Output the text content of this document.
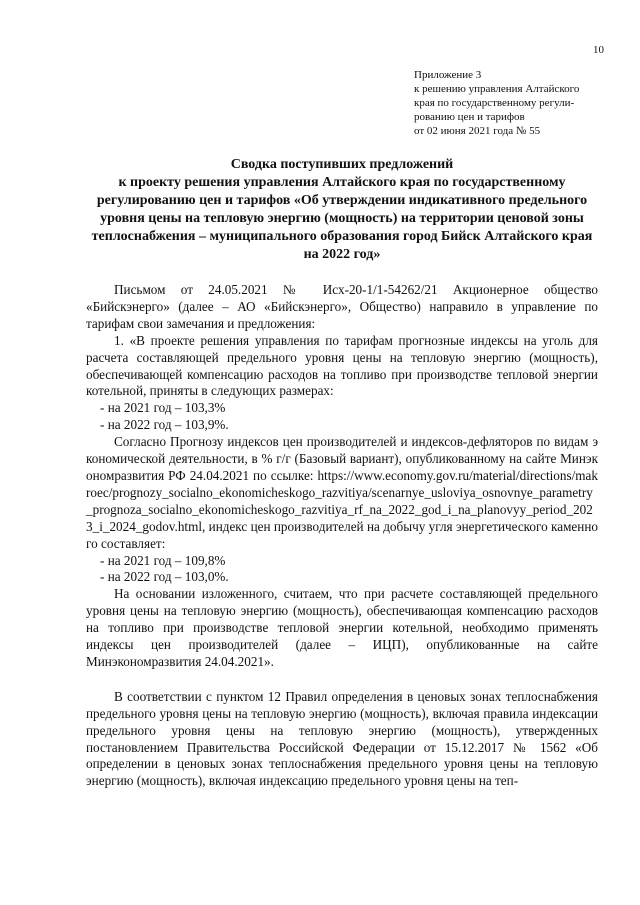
10
Приложение 3
к решению управления Алтайского
края по государственному регули-
рованию цен и тарифов
от 02 июня 2021 года № 55
Сводка поступивших предложений
к проекту решения управления Алтайского края по государственному
регулированию цен и тарифов «Об утверждении индикативного предельного
уровня цены на тепловую энергию (мощность) на территории ценовой зоны
теплоснабжения – муниципального образования город Бийск Алтайского края
на 2022 год»

Письмом от 24.05.2021 № Исх-20-1/1-54262/21 Акционерное общество «Бийскэнерго» (далее – АО «Бийскэнерго», Общество) направило в управление по тарифам свои замечания и предложения:

1. «В проекте решения управления по тарифам прогнозные индексы на уголь для расчета составляющей предельного уровня цены на тепловую энергию (мощность), обеспечивающей компенсацию расходов на топливо при производстве тепловой энергии котельной, приняты в следующих размерах:

- на 2021 год – 103,3%

- на 2022 год – 103,9%.

Согласно Прогнозу индексов цен производителей и индексов-дефляторов по видам экономической деятельности, в % г/г (Базовый вариант), опубликованному на сайте Минэкономразвития РФ 24.04.2021 по ссылке: https://www.economy.gov.ru/material/directions/makroec/prognozy_socialno_ekonomicheskogo_razvitiya/scenarnye_usloviya_osnovnye_parametry_prognoza_socialno_ekonomicheskogo_razvitiya_rf_na_2022_god_i_na_planovyy_period_2023_i_2024_godov.html, индекс цен производителей на добычу угля энергетического каменного составляет:

- на 2021 год – 109,8%

- на 2022 год – 103,0%.

На основании изложенного, считаем, что при расчете составляющей предельного уровня цены на тепловую энергию (мощность), обеспечивающая компенсацию расходов на топливо при производстве тепловой энергии котельной, необходимо применять индексы цен производителей (далее – ИЦП), опубликованные на сайте Минэкономразвития 24.04.2021».

В соответствии с пунктом 12 Правил определения в ценовых зонах теплоснабжения предельного уровня цены на тепловую энергию (мощность), включая правила индексации предельного уровня цены на тепловую энергию (мощность), утвержденных постановлением Правительства Российской Федерации от 15.12.2017 № 1562 «Об определении в ценовых зонах теплоснабжения предельного уровня цены на тепловую энергию (мощность), включая индексацию предельного уровня цены на теп-
